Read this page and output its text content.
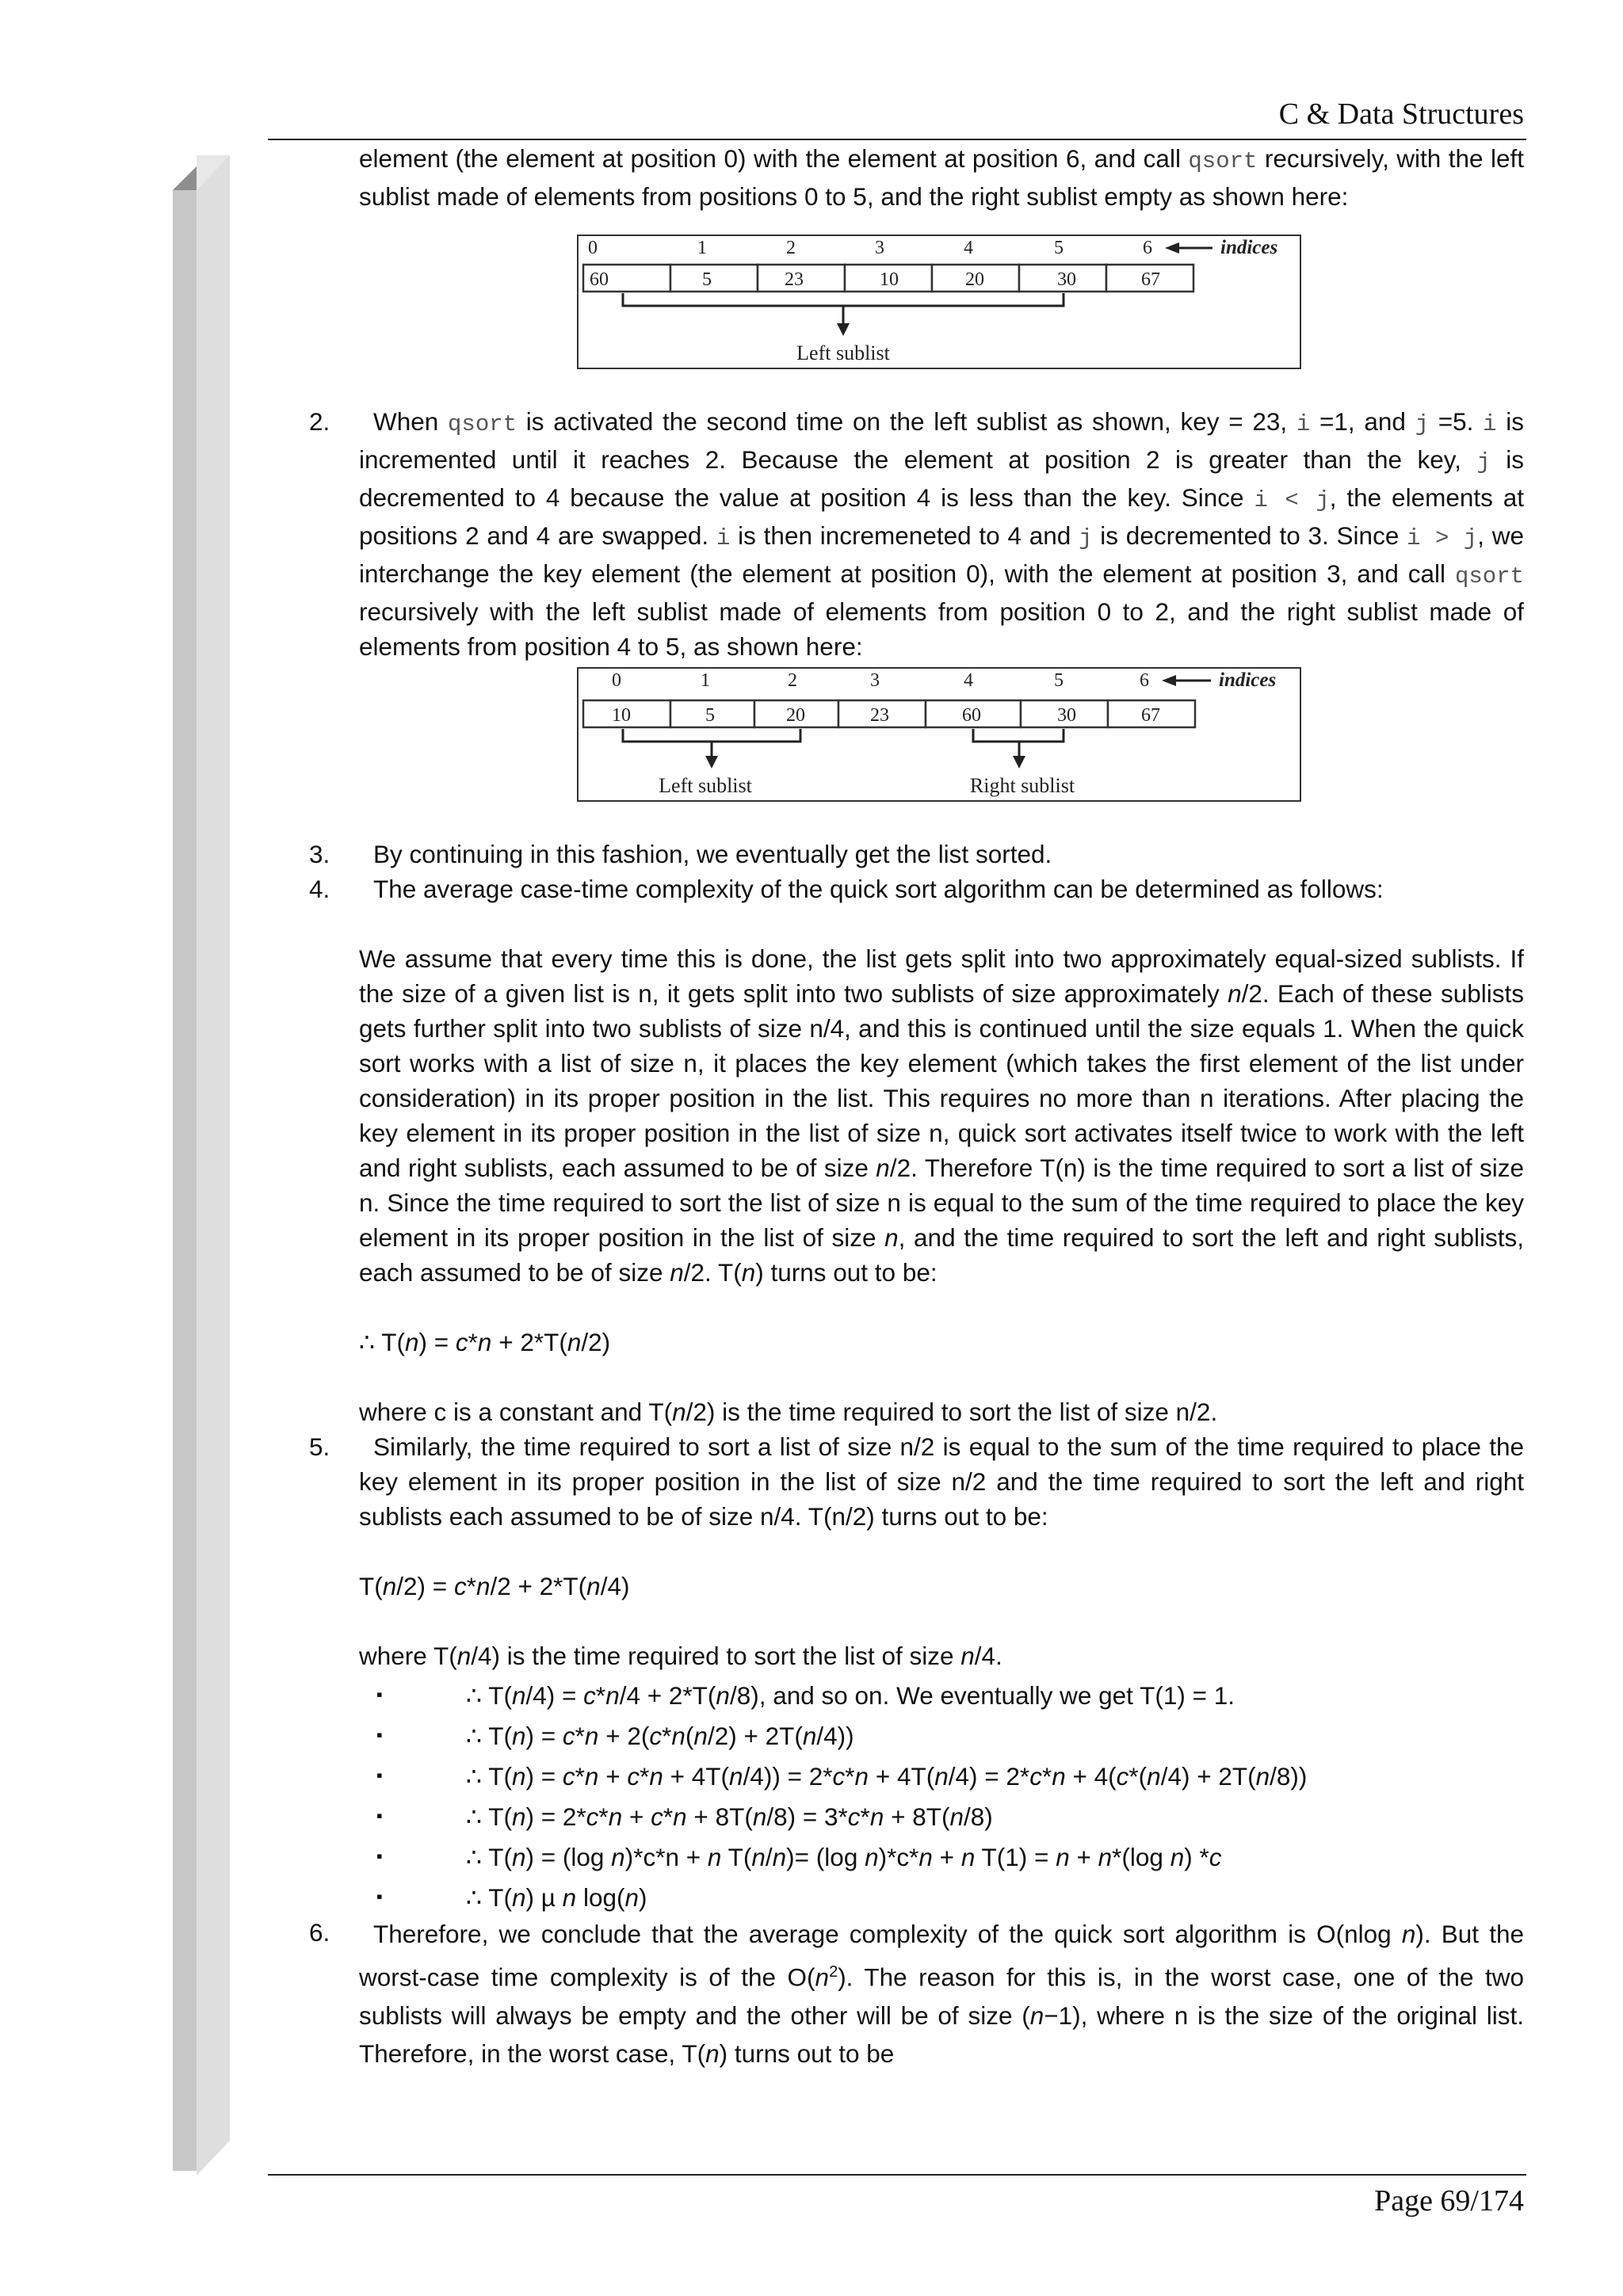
C & Data Structures

element (the element at position 0) with the element at position 6, and call qsort recursively, with the left sublist made of elements from positions 0 to 5, and the right sublist empty as shown here:

0	1	2	3	4	5	6	indices
60	5	23	10	20	30	67
Left sublist
2.	When qsort is activated the second time on the left sublist as shown, key = 23, i =1, and j =5. i is incremented until it reaches 2. Because the element at position 2 is greater than the key, j is decremented to 4 because the value at position 4 is less than the key. Since i < j, the elements at positions 2 and 4 are swapped. i is then incremeneted to 4 and j is decremented to 3. Since i > j, we interchange the key element (the element at position 0), with the element at position 3, and call qsort recursively with the left sublist made of elements from position 0 to 2, and the right sublist made of elements from position 4 to 5, as shown here:

0	1	2	3	4	5	6	indices
10	5	20	23	60	30	67
Left sublist	Right sublist
3.	By continuing in this fashion, we eventually get the list sorted.

4.	The average case-time complexity of the quick sort algorithm can be determined as follows:

We assume that every time this is done, the list gets split into two approximately equal-sized sublists. If the size of a given list is n, it gets split into two sublists of size approximately n/2. Each of these sublists gets further split into two sublists of size n/4, and this is continued until the size equals 1. When the quick sort works with a list of size n, it places the key element (which takes the first element of the list under consideration) in its proper position in the list. This requires no more than n iterations. After placing the key element in its proper position in the list of size n, quick sort activates itself twice to work with the left and right sublists, each assumed to be of size n/2. Therefore T(n) is the time required to sort a list of size n. Since the time required to sort the list of size n is equal to the sum of the time required to place the key element in its proper position in the list of size n, and the time required to sort the left and right sublists, each assumed to be of size n/2. T(n) turns out to be:

∴ T(n) = c*n + 2*T(n/2)

where c is a constant and T(n/2) is the time required to sort the list of size n/2.

5.	Similarly, the time required to sort a list of size n/2 is equal to the sum of the time required to place the key element in its proper position in the list of size n/2 and the time required to sort the left and right sublists each assumed to be of size n/4. T(n/2) turns out to be:

T(n/2) = c*n/2 + 2*T(n/4)

where T(n/4) is the time required to sort the list of size n/4.

▪	∴ T(n/4) = c*n/4 + 2*T(n/8), and so on. We eventually we get T(1) = 1.

▪	∴ T(n) = c*n + 2(c*n(n/2) + 2T(n/4))

▪	∴ T(n) = c*n + c*n + 4T(n/4)) = 2*c*n + 4T(n/4) = 2*c*n + 4(c*(n/4) + 2T(n/8))

▪	∴ T(n) = 2*c*n + c*n + 8T(n/8) = 3*c*n + 8T(n/8)

▪	∴ T(n) = (log n)*c*n + n T(n/n)= (log n)*c*n + n T(1) = n + n*(log n) *c

▪	∴ T(n) µ n log(n)

6.	Therefore, we conclude that the average complexity of the quick sort algorithm is O(nlog n). But the worst-case time complexity is of the $O(n^2)$. The reason for this is, in the worst case, one of the two sublists will always be empty and the other will be of size (n−1), where n is the size of the original list. Therefore, in the worst case, T(n) turns out to be

Page 69/174
